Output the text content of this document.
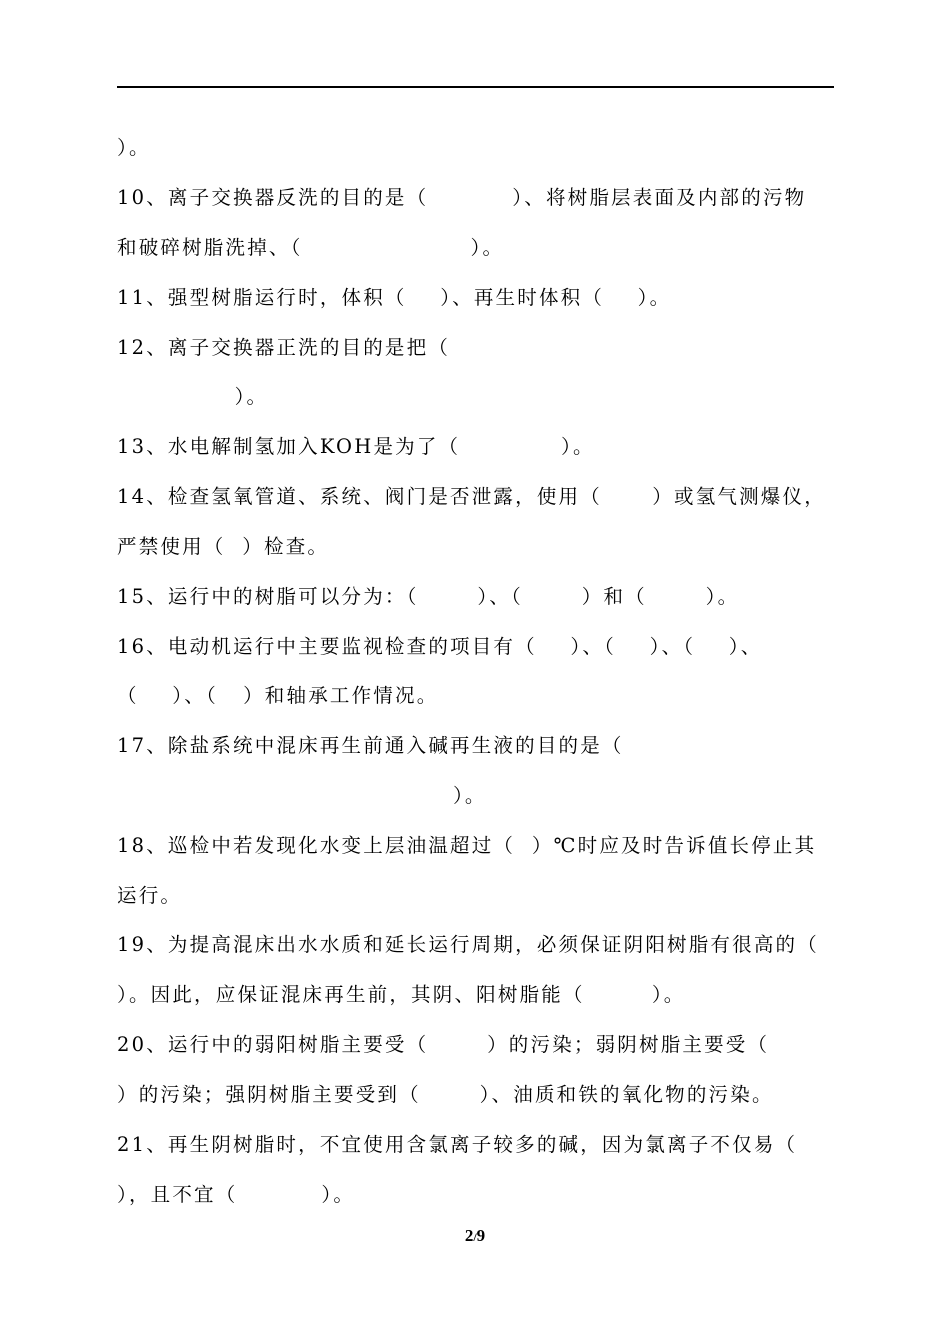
）。
10、离子交换器反洗的目的是（          ）、将树脂层表面及内部的污物
和破碎树脂洗掉、（                    ）。
11、强型树脂运行时，体积（    ）、再生时体积（    ）。
12、离子交换器正洗的目的是把（
）。
13、水电解制氢加入KOH是为了（            ）。
14、检查氢氧管道、系统、阀门是否泄露，使用（      ）或氢气测爆仪，
严禁使用（  ）检查。
15、运行中的树脂可以分为：（       ）、（       ）和（       ）。
16、电动机运行中主要监视检查的项目有（    ）、（    ）、（    ）、
（    ）、（   ）和轴承工作情况。
17、除盐系统中混床再生前通入碱再生液的目的是（
）。
18、巡检中若发现化水变上层油温超过（  ）℃时应及时告诉值长停止其
运行。
19、为提高混床出水水质和延长运行周期，必须保证阴阳树脂有很高的（
）。因此，应保证混床再生前，其阴、阳树脂能（        ）。
20、运行中的弱阳树脂主要受（       ）的污染；弱阴树脂主要受（
）的污染；强阴树脂主要受到（       ）、油质和铁的氧化物的污染。
21、再生阴树脂时，不宜使用含氯离子较多的碱，因为氯离子不仅易（
），且不宜（          ）。
2/9
